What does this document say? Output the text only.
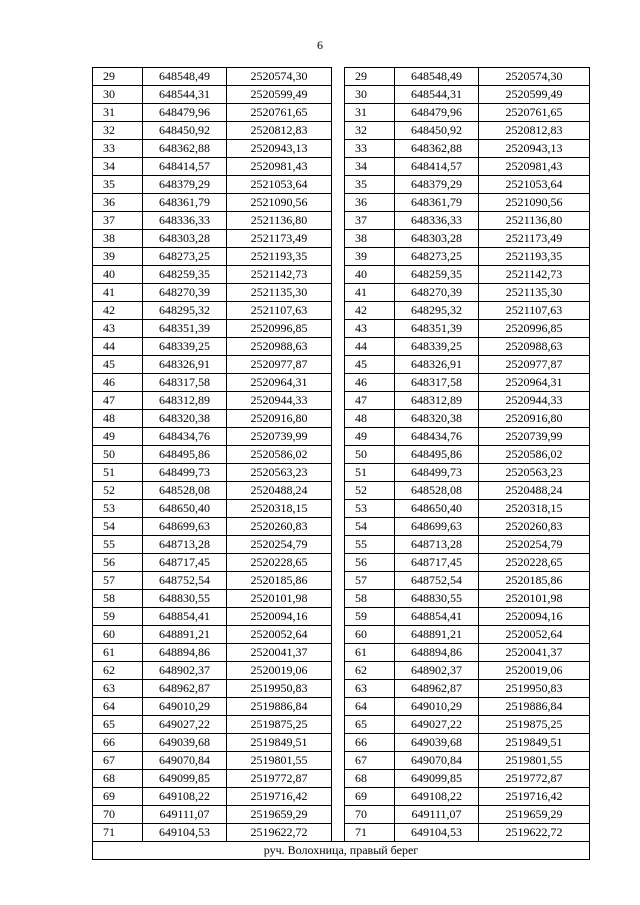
6
29	648548,49	2520574,30		29	648548,49	2520574,30
30	648544,31	2520599,49		30	648544,31	2520599,49
31	648479,96	2520761,65		31	648479,96	2520761,65
32	648450,92	2520812,83		32	648450,92	2520812,83
33	648362,88	2520943,13		33	648362,88	2520943,13
34	648414,57	2520981,43		34	648414,57	2520981,43
35	648379,29	2521053,64		35	648379,29	2521053,64
36	648361,79	2521090,56		36	648361,79	2521090,56
37	648336,33	2521136,80		37	648336,33	2521136,80
38	648303,28	2521173,49		38	648303,28	2521173,49
39	648273,25	2521193,35		39	648273,25	2521193,35
40	648259,35	2521142,73		40	648259,35	2521142,73
41	648270,39	2521135,30		41	648270,39	2521135,30
42	648295,32	2521107,63		42	648295,32	2521107,63
43	648351,39	2520996,85		43	648351,39	2520996,85
44	648339,25	2520988,63		44	648339,25	2520988,63
45	648326,91	2520977,87		45	648326,91	2520977,87
46	648317,58	2520964,31		46	648317,58	2520964,31
47	648312,89	2520944,33		47	648312,89	2520944,33
48	648320,38	2520916,80		48	648320,38	2520916,80
49	648434,76	2520739,99		49	648434,76	2520739,99
50	648495,86	2520586,02		50	648495,86	2520586,02
51	648499,73	2520563,23		51	648499,73	2520563,23
52	648528,08	2520488,24		52	648528,08	2520488,24
53	648650,40	2520318,15		53	648650,40	2520318,15
54	648699,63	2520260,83		54	648699,63	2520260,83
55	648713,28	2520254,79		55	648713,28	2520254,79
56	648717,45	2520228,65		56	648717,45	2520228,65
57	648752,54	2520185,86		57	648752,54	2520185,86
58	648830,55	2520101,98		58	648830,55	2520101,98
59	648854,41	2520094,16		59	648854,41	2520094,16
60	648891,21	2520052,64		60	648891,21	2520052,64
61	648894,86	2520041,37		61	648894,86	2520041,37
62	648902,37	2520019,06		62	648902,37	2520019,06
63	648962,87	2519950,83		63	648962,87	2519950,83
64	649010,29	2519886,84		64	649010,29	2519886,84
65	649027,22	2519875,25		65	649027,22	2519875,25
66	649039,68	2519849,51		66	649039,68	2519849,51
67	649070,84	2519801,55		67	649070,84	2519801,55
68	649099,85	2519772,87		68	649099,85	2519772,87
69	649108,22	2519716,42		69	649108,22	2519716,42
70	649111,07	2519659,29		70	649111,07	2519659,29
71	649104,53	2519622,72		71	649104,53	2519622,72
руч. Волохница, правый берег						
